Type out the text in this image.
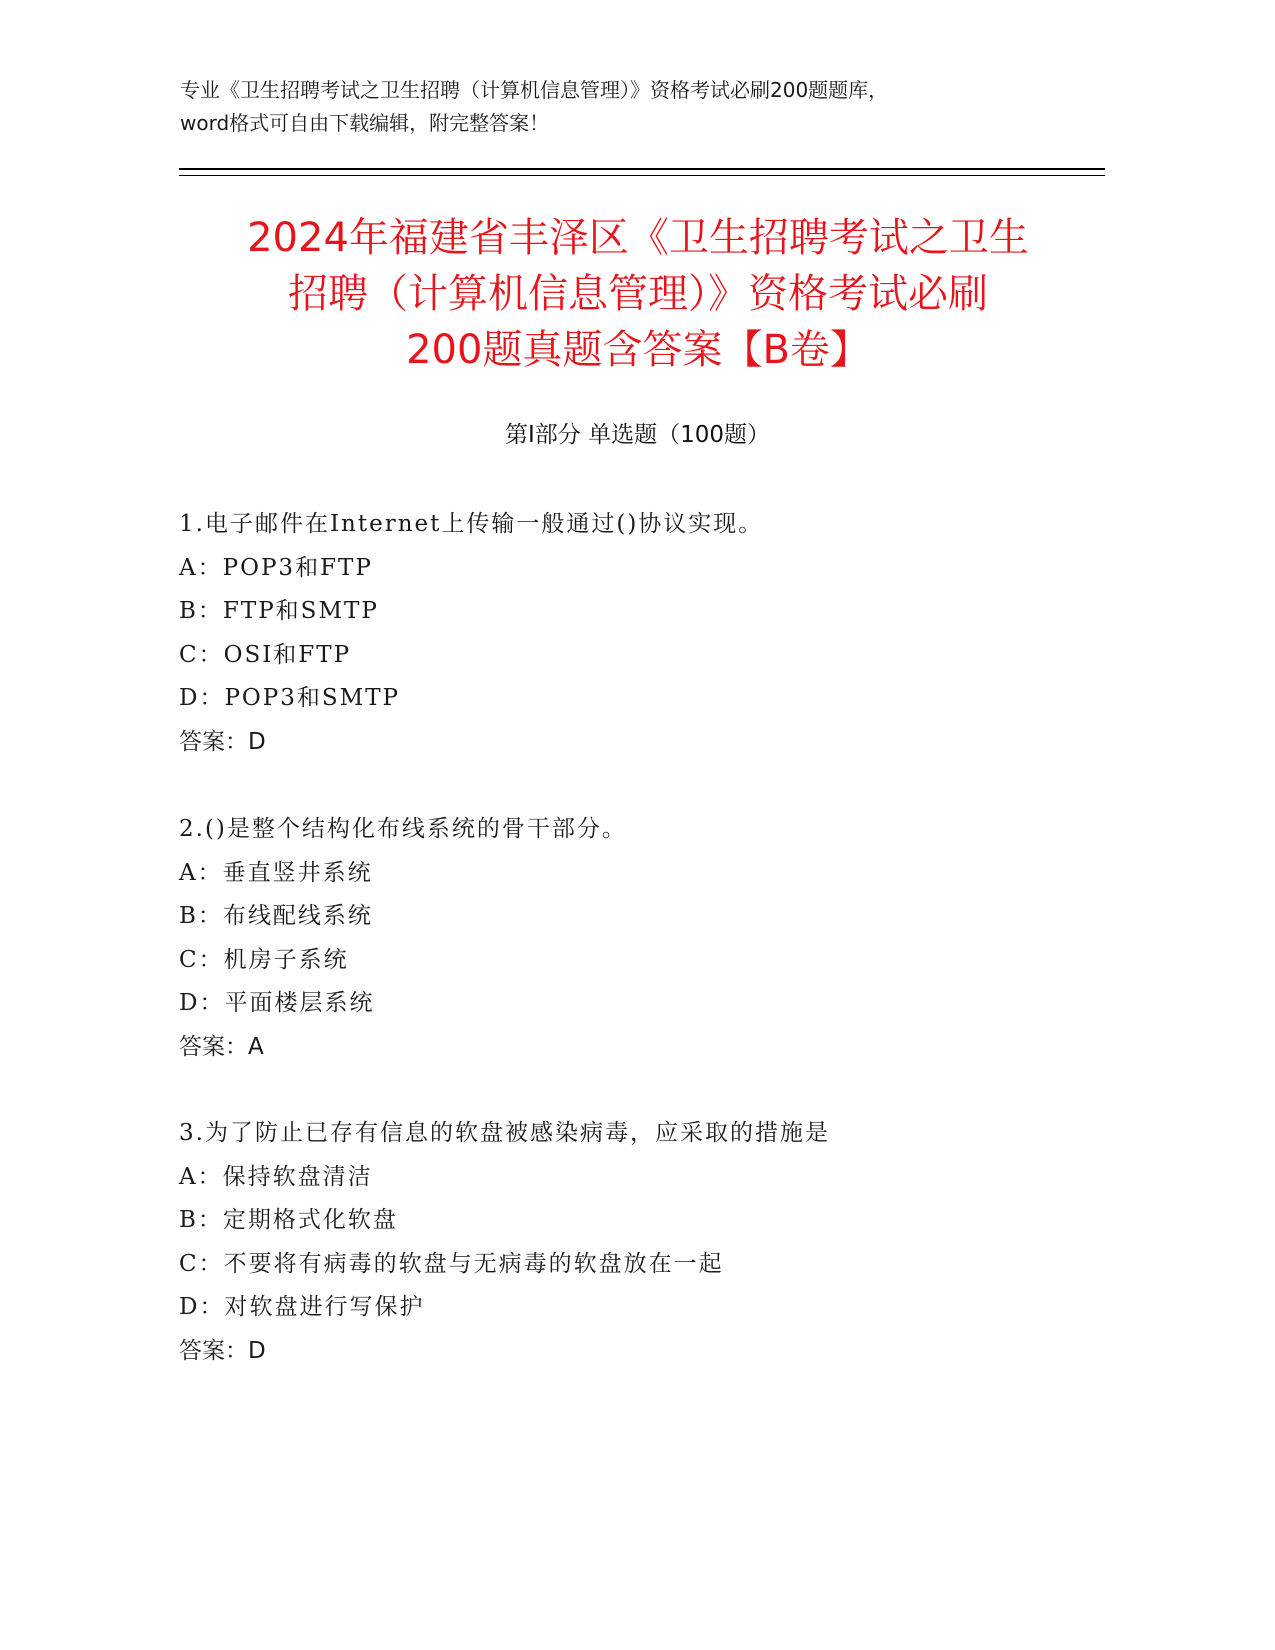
专业《卫生招聘考试之卫生招聘（计算机信息管理）》资格考试必刷200题题库，
word格式可自由下载编辑，附完整答案！
2024年福建省丰泽区《卫生招聘考试之卫生
招聘（计算机信息管理）》资格考试必刷
200题真题含答案【B卷】
第I部分 单选题（100题）
1.电子邮件在Internet上传输一般通过()协议实现。
A：POP3和FTP
B：FTP和SMTP
C：OSI和FTP
D：POP3和SMTP
答案：D
2.()是整个结构化布线系统的骨干部分。
A：垂直竖井系统
B：布线配线系统
C：机房子系统
D：平面楼层系统
答案：A
3.为了防止已存有信息的软盘被感染病毒，应采取的措施是
A：保持软盘清洁
B：定期格式化软盘
C：不要将有病毒的软盘与无病毒的软盘放在一起
D：对软盘进行写保护
答案：D
